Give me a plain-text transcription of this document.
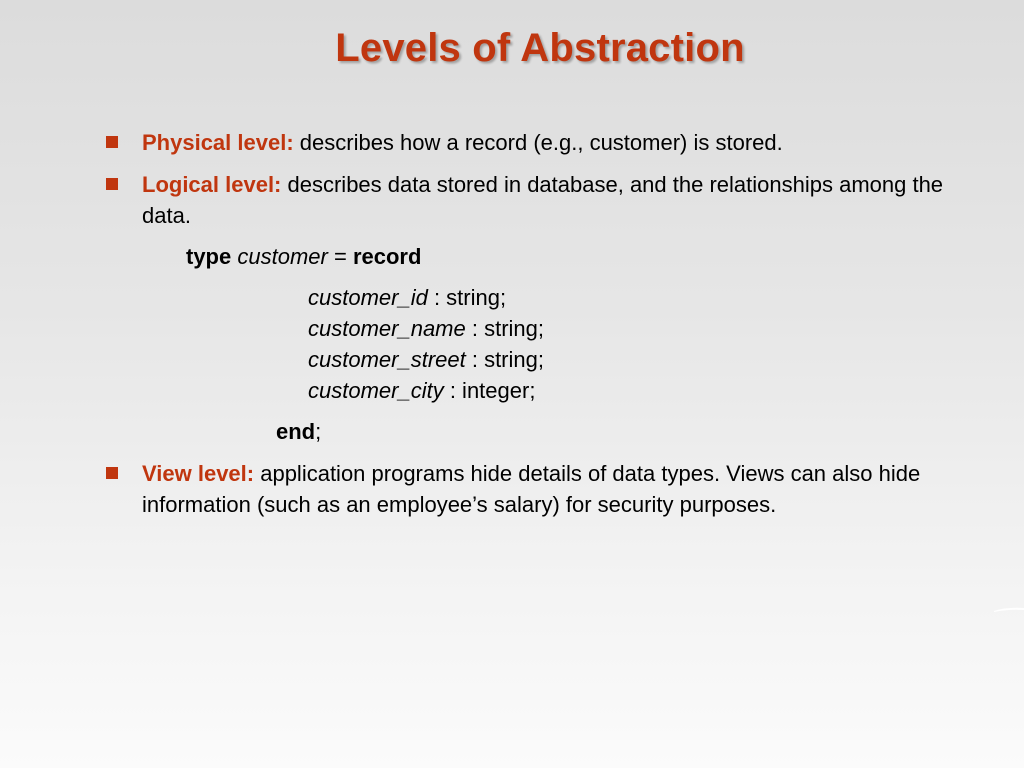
Levels of Abstraction
Physical level: describes how a record (e.g., customer) is stored.
Logical level: describes data stored in database, and the relationships among the data.
type customer = record
customer_id : string;
customer_name : string;
customer_street : string;
customer_city : integer;
end;
View level: application programs hide details of data types. Views can also hide information (such as an employee’s salary) for security purposes.
